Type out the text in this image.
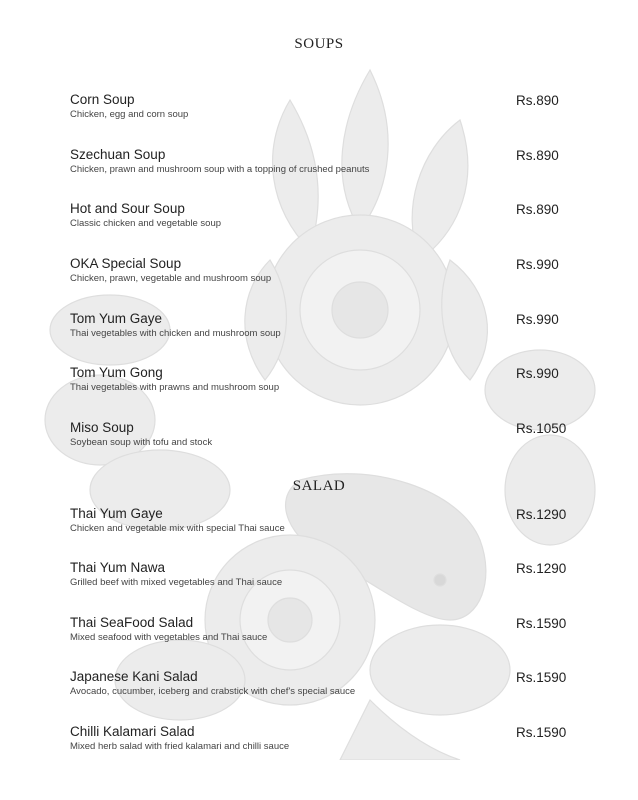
SOUPS
Corn Soup
Chicken, egg and corn soup
Rs.890
Szechuan Soup
Chicken, prawn and mushroom soup with a topping of crushed peanuts
Rs.890
Hot and Sour Soup
Classic chicken and vegetable soup
Rs.890
OKA Special Soup
Chicken, prawn, vegetable and mushroom soup
Rs.990
Tom Yum Gaye
Thai vegetables with chicken and mushroom soup
Rs.990
Tom Yum Gong
Thai vegetables with prawns and mushroom soup
Rs.990
Miso Soup
Soybean soup with tofu and stock
Rs.1050
SALAD
Thai Yum Gaye
Chicken and vegetable mix with special Thai sauce
Rs.1290
Thai Yum Nawa
Grilled beef with mixed vegetables and Thai sauce
Rs.1290
Thai SeaFood Salad
Mixed seafood with vegetables and Thai sauce
Rs.1590
Japanese Kani Salad
Avocado, cucumber, iceberg and crabstick with chef's special sauce
Rs.1590
Chilli Kalamari Salad
Mixed herb salad with fried kalamari and chilli sauce
Rs.1590
